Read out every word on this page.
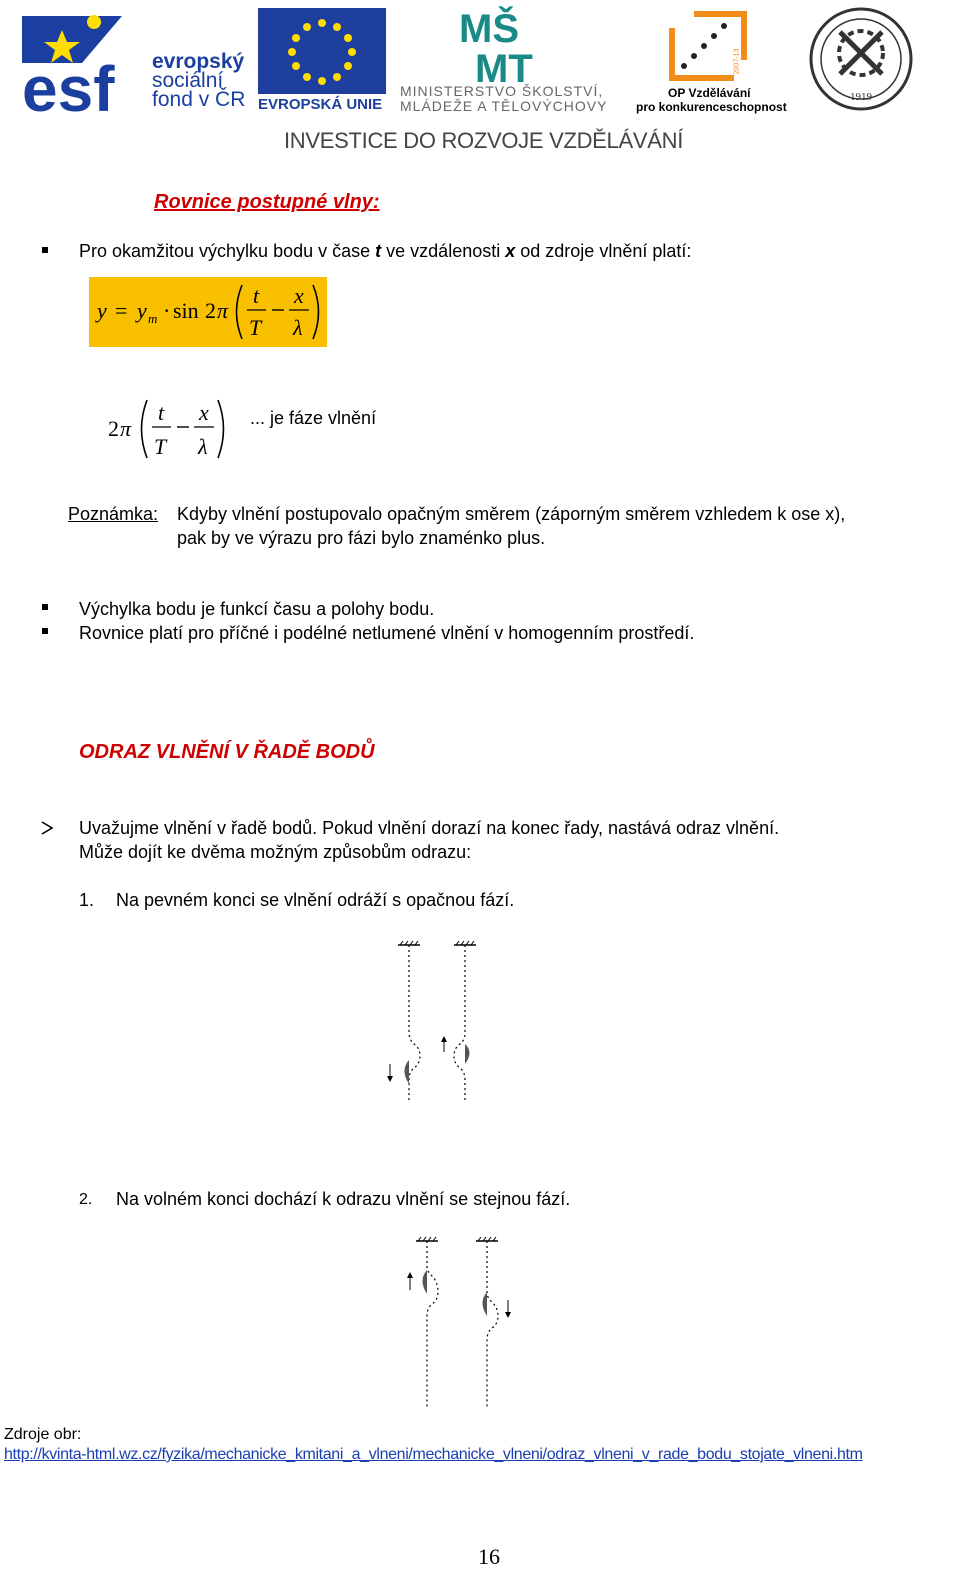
esf evropský
sociální
fond v ČR EVROPSKÁ UNIE
MŠ
MT
MINISTERSTVO ŠKOLSTVÍ,
MLÁDEŽE A TĚLOVÝCHOVY
2007-13
OP Vzdělávání
pro konkurenceschopnost
1919
INVESTICE DO ROZVOJE VZDĚLÁVÁNÍ
Rovnice postupné vlny:
Pro okamžitou výchylku bodu v čase t ve vzdálenosti x od zdroje vlnění platí:
y = y m · sin 2 π
t
T
x
λ
2 π
t
T
x
λ
... je fáze vlnění
Poznámka: Kdyby vlnění postupovalo opačným směrem (záporným směrem vzhledem k ose x),
pak by ve výrazu pro fázi bylo znaménko plus.
Výchylka bodu je funkcí času a polohy bodu.
Rovnice platí pro příčné i podélné netlumené vlnění v homogenním prostředí.
ODRAZ VLNĚNÍ V ŘADĚ BODŮ
Uvažujme vlnění v řadě bodů. Pokud vlnění dorazí na konec řady, nastává odraz vlnění.
Může dojít ke dvěma možným způsobům odrazu:
1. Na pevném konci se vlnění odráží s opačnou fází.
2. Na volném konci dochází k odrazu vlnění se stejnou fází.
Zdroje obr:
http://kvinta-html.wz.cz/fyzika/mechanicke_kmitani_a_vlneni/mechanicke_vlneni/odraz_vlneni_v_rade_bodu_stojate_vlneni.htm
16
